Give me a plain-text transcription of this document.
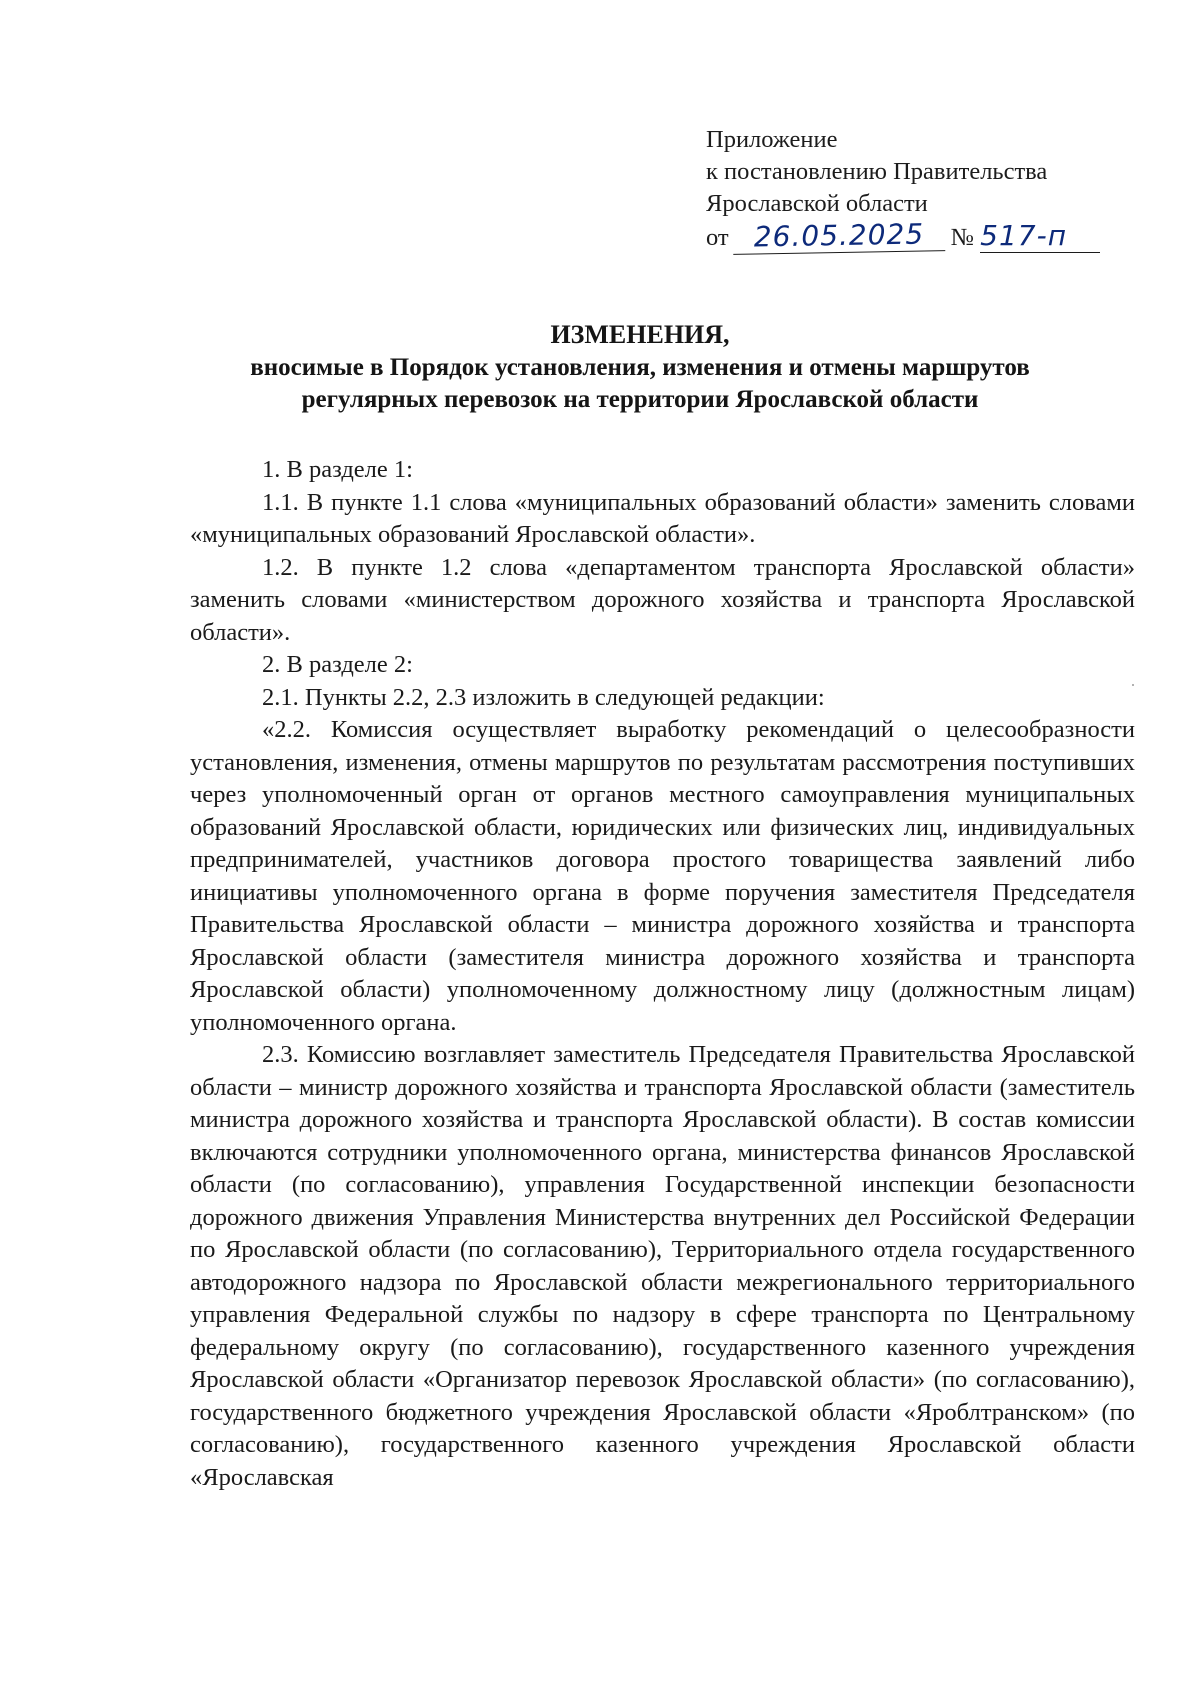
Приложение
к постановлению Правительства
Ярославской области
от 26.05.2025 № 517-п
ИЗМЕНЕНИЯ,
вносимые в Порядок установления, изменения и отмены маршрутов
регулярных перевозок на территории Ярославской области

1. В разделе 1:

1.1. В пункте 1.1 слова «муниципальных образований области» заменить словами «муниципальных образований Ярославской области».

1.2. В пункте 1.2 слова «департаментом транспорта Ярославской области» заменить словами «министерством дорожного хозяйства и транспорта Ярославской области».

2. В разделе 2:

2.1. Пункты 2.2, 2.3 изложить в следующей редакции:

«2.2. Комиссия осуществляет выработку рекомендаций о целесообразности установления, изменения, отмены маршрутов по результатам рассмотрения поступивших через уполномоченный орган от органов местного самоуправления муниципальных образований Ярославской области, юридических или физических лиц, индивидуальных предпринимателей, участников договора простого товарищества заявлений либо инициативы уполномоченного органа в форме поручения заместителя Председателя Правительства Ярославской области – министра дорожного хозяйства и транспорта Ярославской области (заместителя министра дорожного хозяйства и транспорта Ярославской области) уполномоченному должностному лицу (должностным лицам) уполномоченного органа.

2.3. Комиссию возглавляет заместитель Председателя Правительства Ярославской области – министр дорожного хозяйства и транспорта Ярославской области (заместитель министра дорожного хозяйства и транспорта Ярославской области). В состав комиссии включаются сотрудники уполномоченного органа, министерства финансов Ярославской области (по согласованию), управления Государственной инспекции безопасности дорожного движения Управления Министерства внутренних дел Российской Федерации по Ярославской области (по согласованию), Территориального отдела государственного автодорожного надзора по Ярославской области межрегионального территориального управления Федеральной службы по надзору в сфере транспорта по Центральному федеральному округу (по согласованию), государственного казенного учреждения Ярославской области «Организатор перевозок Ярославской области» (по согласованию), государственного бюджетного учреждения Ярославской области «Яроблтранском» (по согласованию), государственного казенного учреждения Ярославской области «Ярославская
